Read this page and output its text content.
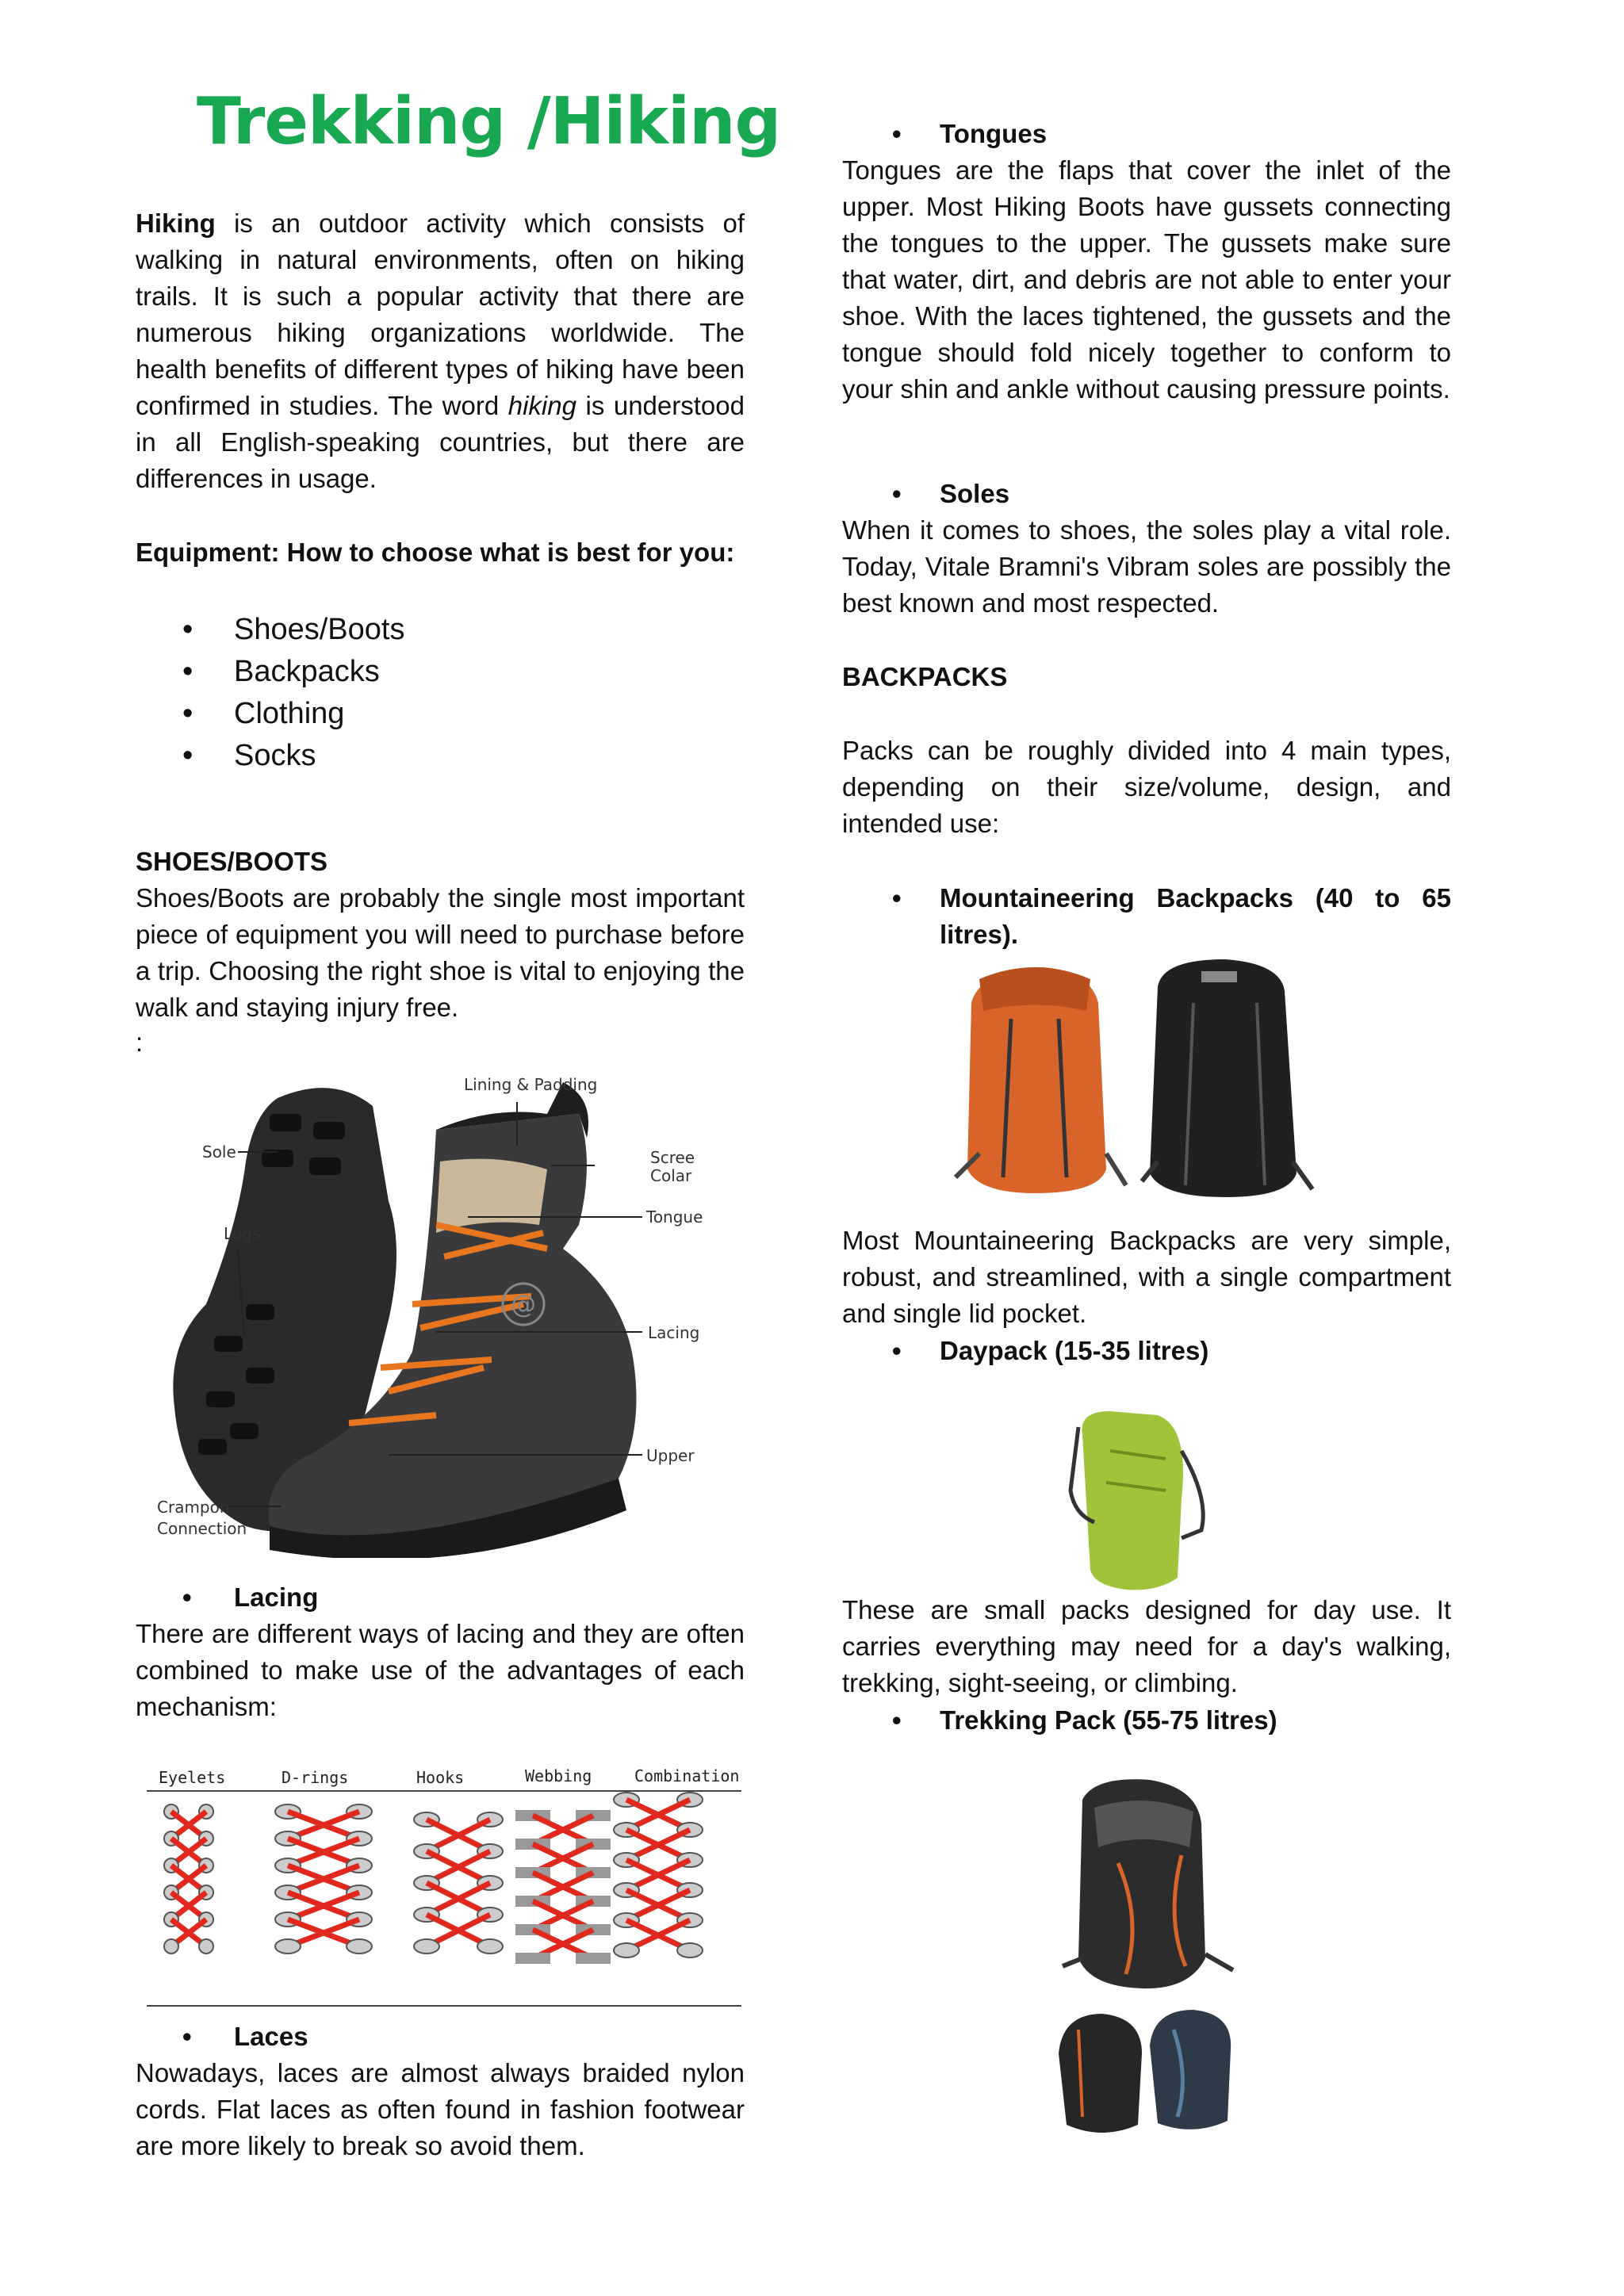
Trekking /Hiking

Hiking is an outdoor activity which consists of walking in natural environments, often on hiking trails. It is such a popular activity that there are numerous hiking organizations worldwide. The health benefits of different types of hiking have been confirmed in studies. The word hiking is understood in all English-speaking countries, but there are differences in usage.

Equipment: How to choose what is best for you:
• Shoes/Boots
• Backpacks
• Clothing
• Socks
SHOES/BOOTS

Shoes/Boots are probably the single most important piece of equipment you will need to purchase before a trip. Choosing the right shoe is vital to enjoying the walk and staying injury free.

:
@
Lining & Padding
Sole	Scree
Colar
Tongue
Lugs
Lacing
Upper
Crampon
Connection
• Lacing

There are different ways of lacing and they are often combined to make use of the advantages of each mechanism:

Eyelets	D-rings	Hooks	Webbing	Combination
• Laces

Nowadays, laces are almost always braided nylon cords. Flat laces as often found in fashion footwear are more likely to break so avoid them.

• Tongues

Tongues are the flaps that cover the inlet of the upper. Most Hiking Boots have gussets connecting the tongues to the upper. The gussets make sure that water, dirt, and debris are not able to enter your shoe. With the laces tightened, the gussets and the tongue should fold nicely together to conform to your shin and ankle without causing pressure points.

• Soles

When it comes to shoes, the soles play a vital role. Today, Vitale Bramni's Vibram soles are possibly the best known and most respected.

BACKPACKS

Packs can be roughly divided into 4 main types, depending on their size/volume, design, and intended use:

• Mountaineering Backpacks (40 to 65 litres).

Most Mountaineering Backpacks are very simple, robust, and streamlined, with a single compartment and single lid pocket.

• Daypack (15-35 litres)

These are small packs designed for day use. It carries everything may need for a day's walking, trekking, sight-seeing, or climbing.

• Trekking Pack (55-75 litres)
